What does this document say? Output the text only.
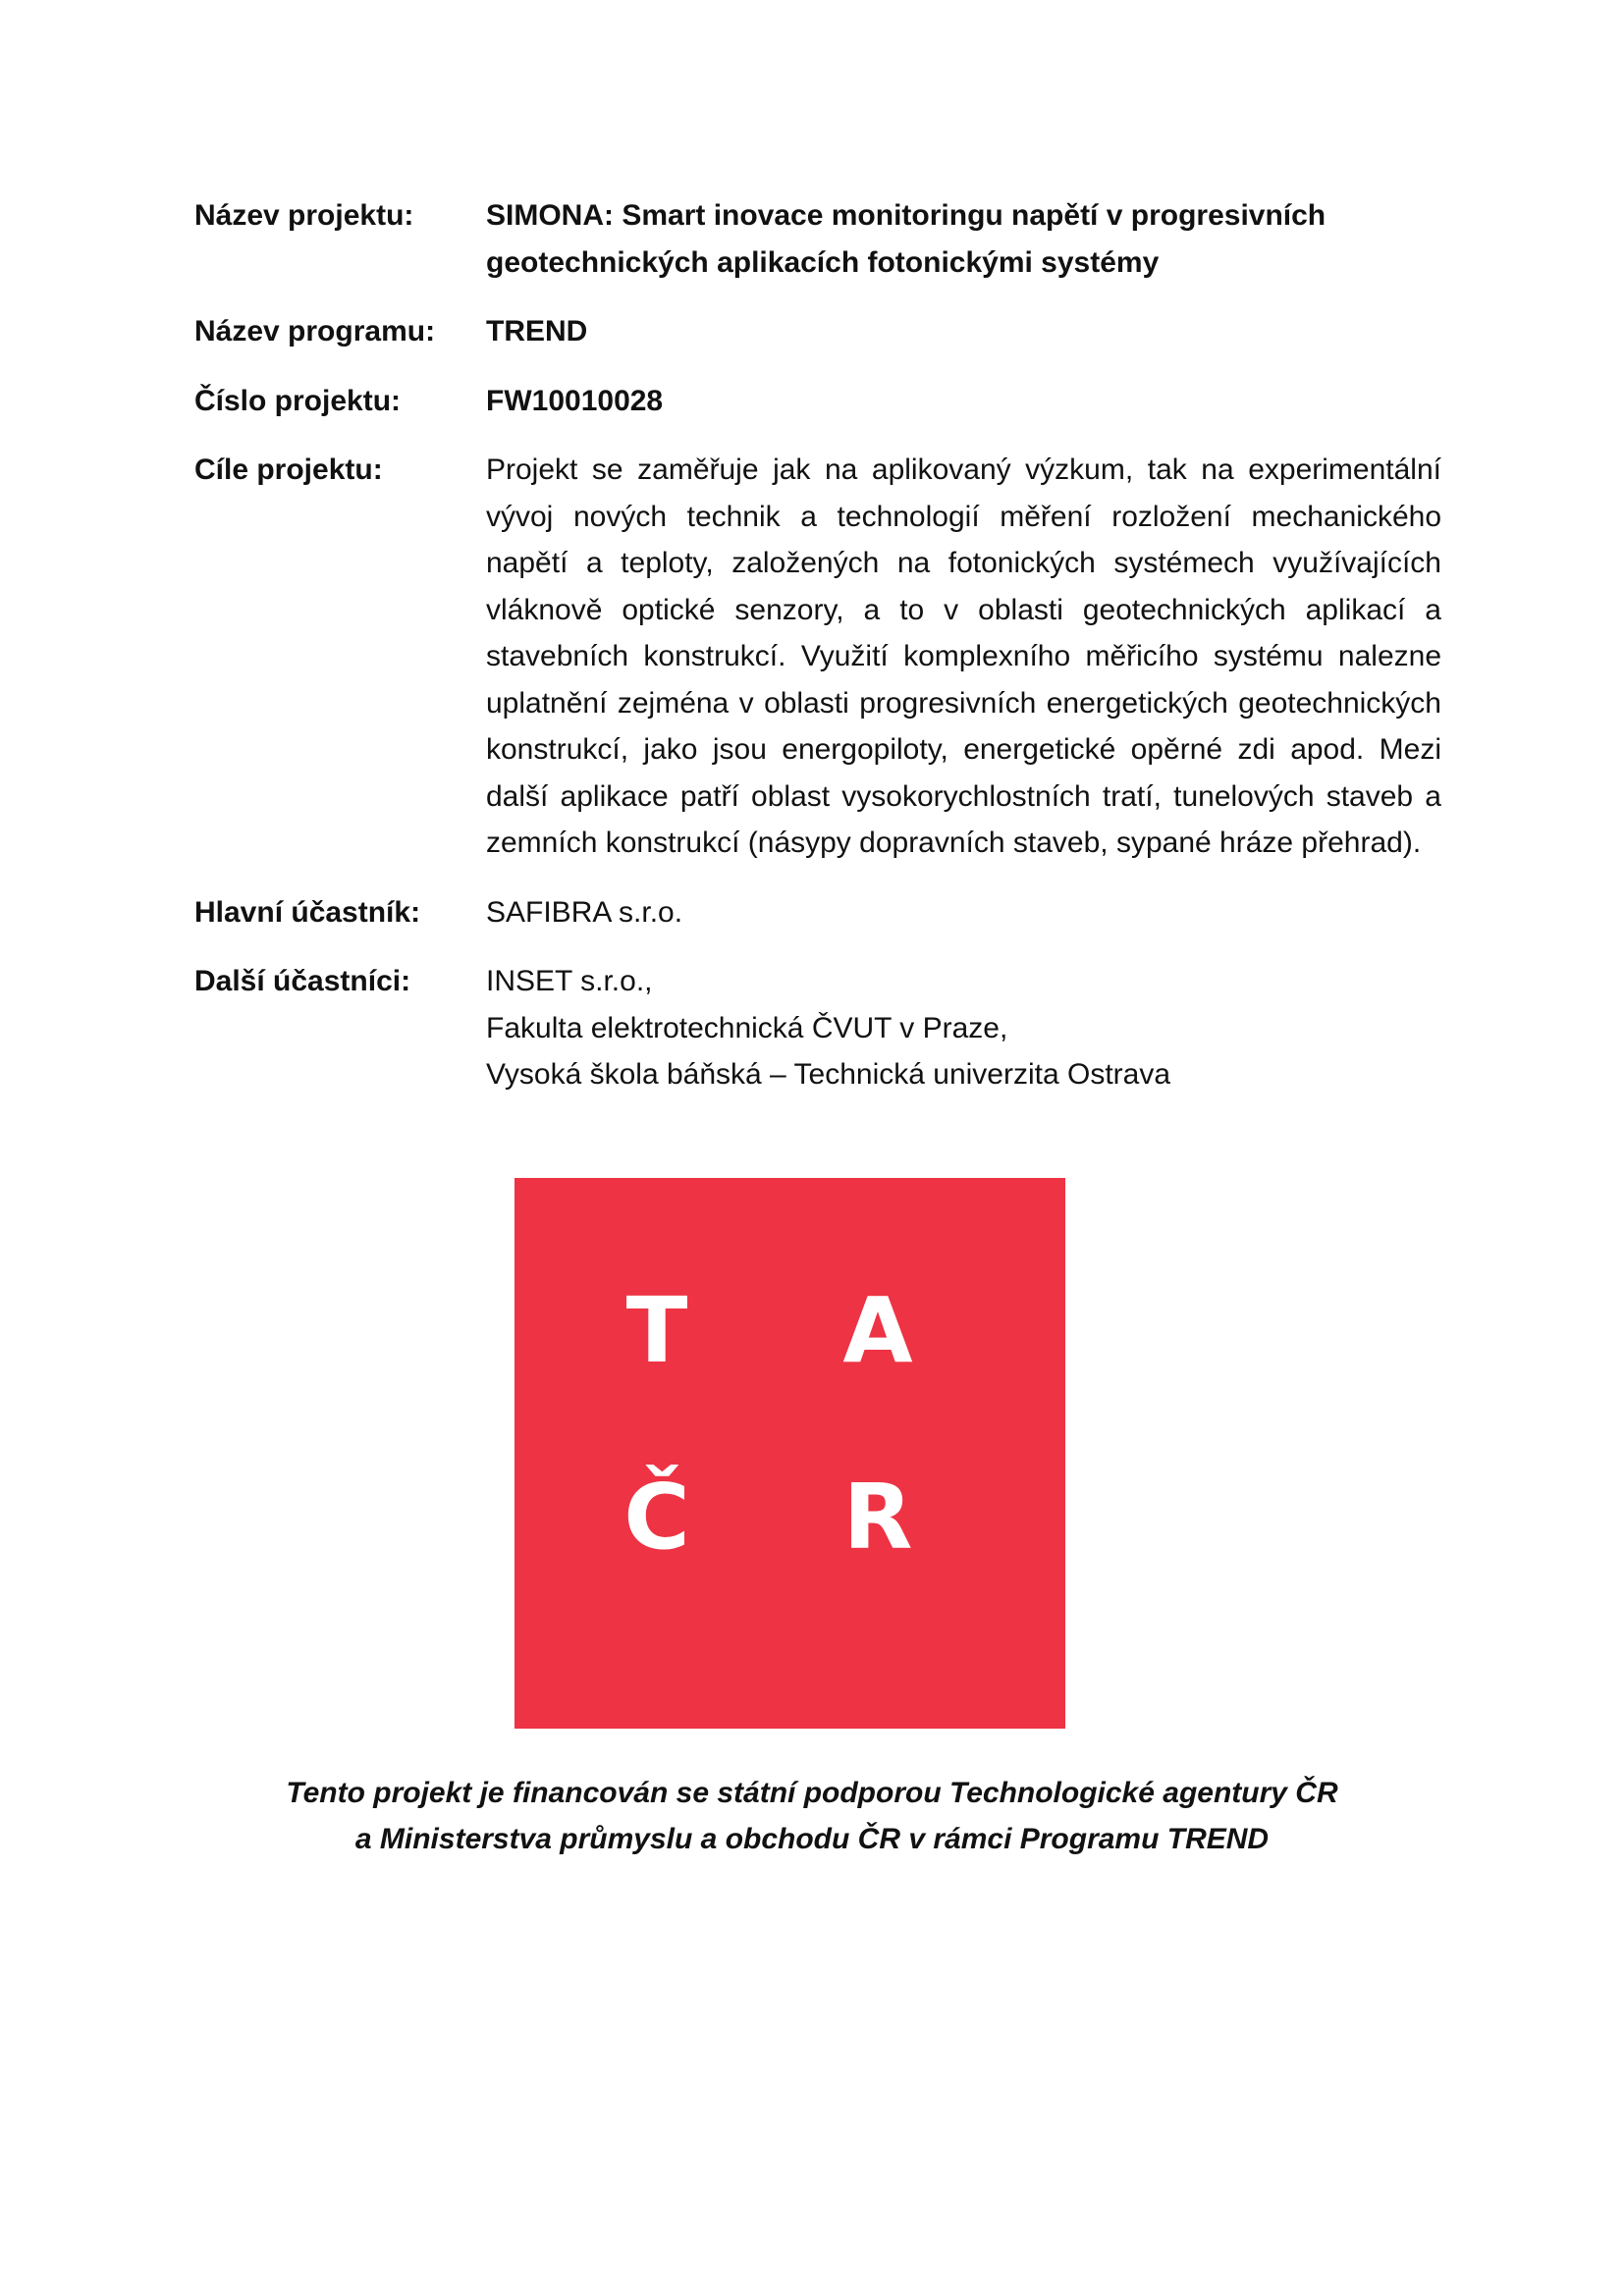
Název projektu:	SIMONA: Smart inovace monitoringu napětí v progresivních geotechnických aplikacích fotonickými systémy
Název programu:	TREND
Číslo projektu:	FW10010028
Cíle projektu:	Projekt se zaměřuje jak na aplikovaný výzkum, tak na experimentální vývoj nových technik a technologií měření rozložení mechanického napětí a teploty, založených na fotonických systémech využívajících vláknově optické senzory, a to v oblasti geotechnických aplikací a stavebních konstrukcí. Využití komplexního měřicího systému nalezne uplatnění zejména v oblasti progresivních energetických geotechnických konstrukcí, jako jsou energopiloty, energetické opěrné zdi apod. Mezi další aplikace patří oblast vysokorychlostních tratí, tunelových staveb a zemních konstrukcí (násypy dopravních staveb, sypané hráze přehrad).
Hlavní účastník:	SAFIBRA s.r.o.
Další účastníci:	INSET s.r.o.,
Fakulta elektrotechnická ČVUT v Praze,
Vysoká škola báňská – Technická univerzita Ostrava
T A
Č R
Tento projekt je financován se státní podporou Technologické agentury ČR
a Ministerstva průmyslu a obchodu ČR v rámci Programu TREND
